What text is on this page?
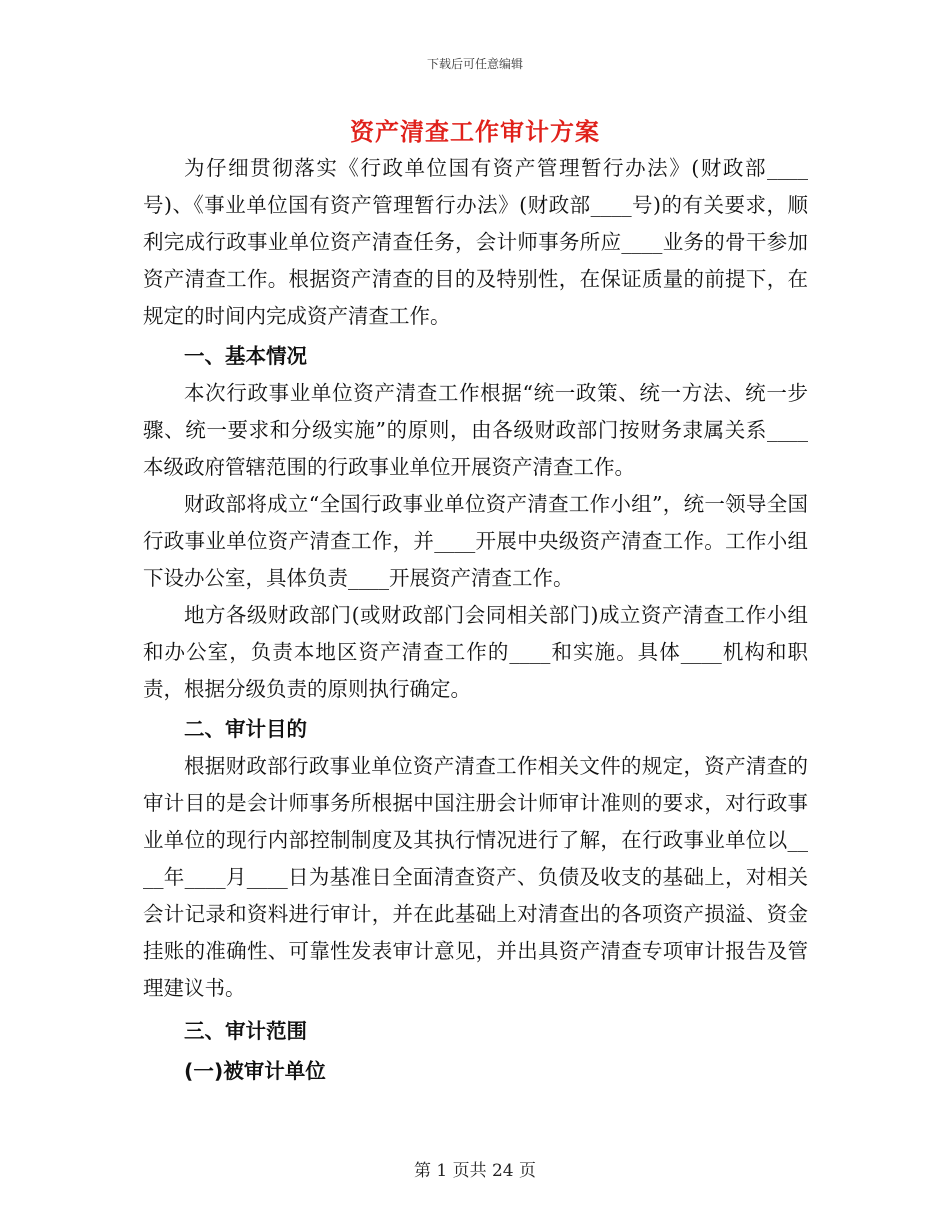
下载后可任意编辑
资产清查工作审计方案

为仔细贯彻落实《行政单位国有资产管理暂行办法》(财政部____号)、《事业单位国有资产管理暂行办法》(财政部____号)的有关要求，顺利完成行政事业单位资产清查任务，会计师事务所应____业务的骨干参加资产清查工作。根据资产清查的目的及特别性，在保证质量的前提下，在规定的时间内完成资产清查工作。

一、基本情况

本次行政事业单位资产清查工作根据“统一政策、统一方法、统一步骤、统一要求和分级实施”的原则，由各级财政部门按财务隶属关系____本级政府管辖范围的行政事业单位开展资产清查工作。

财政部将成立“全国行政事业单位资产清查工作小组”，统一领导全国行政事业单位资产清查工作，并____开展中央级资产清查工作。工作小组下设办公室，具体负责____开展资产清查工作。

地方各级财政部门(或财政部门会同相关部门)成立资产清查工作小组和办公室，负责本地区资产清查工作的____和实施。具体____机构和职责，根据分级负责的原则执行确定。

二、审计目的

根据财政部行政事业单位资产清查工作相关文件的规定，资产清查的审计目的是会计师事务所根据中国注册会计师审计准则的要求，对行政事业单位的现行内部控制制度及其执行情况进行了解，在行政事业单位以____年____月____日为基准日全面清查资产、负债及收支的基础上，对相关会计记录和资料进行审计，并在此基础上对清查出的各项资产损溢、资金挂账的准确性、可靠性发表审计意见，并出具资产清查专项审计报告及管理建议书。

三、审计范围

(一)被审计单位

第 1 页共 24 页
